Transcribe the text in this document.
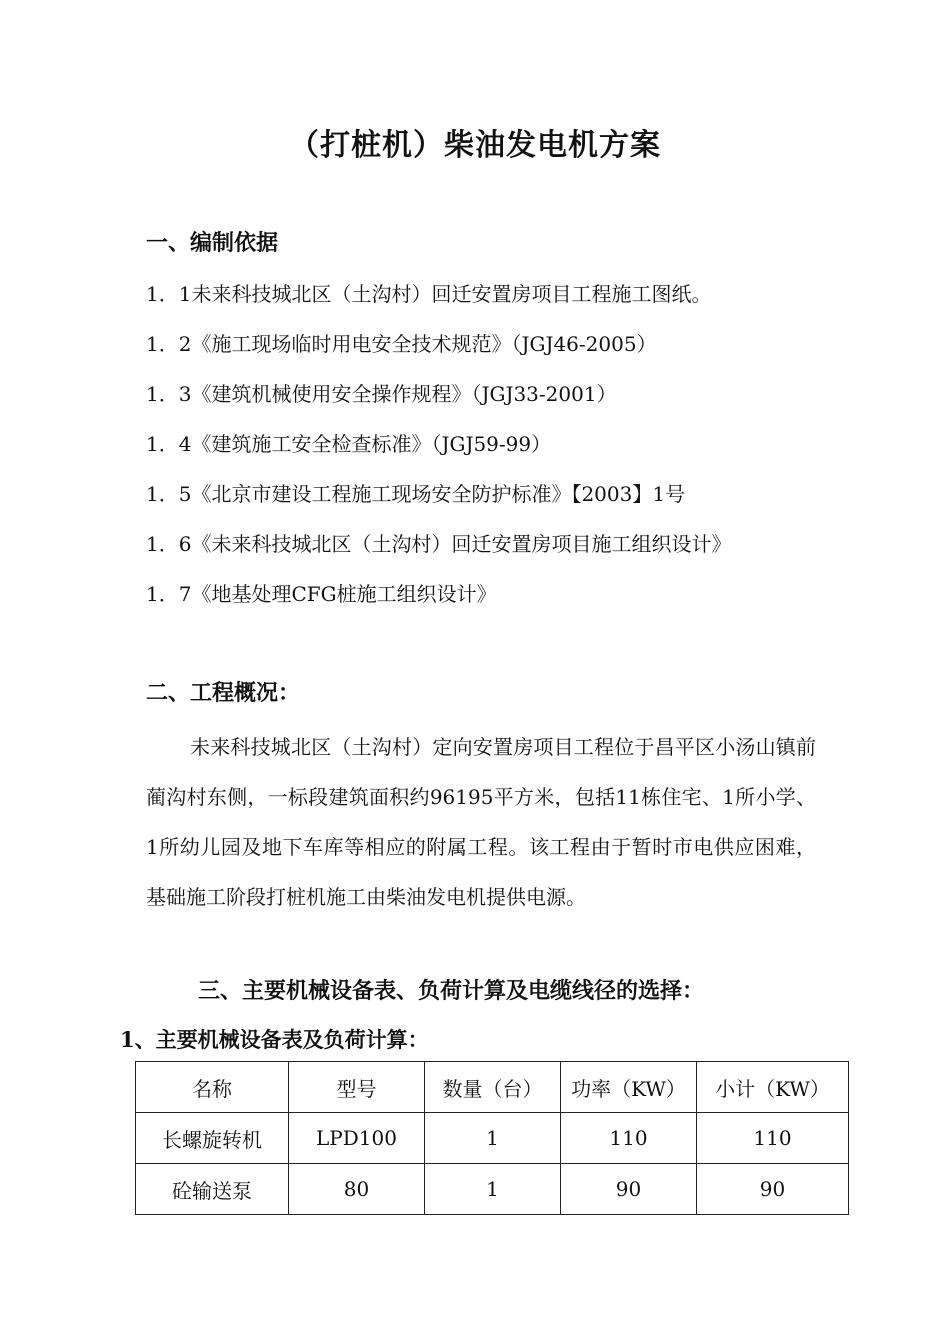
（打桩机）柴油发电机方案
一、编制依据
1．1未来科技城北区（土沟村）回迁安置房项目工程施工图纸。
1．2《施工现场临时用电安全技术规范》（JGJ46-2005）
1．3《建筑机械使用安全操作规程》（JGJ33-2001）
1．4《建筑施工安全检查标准》（JGJ59-99）
1．5《北京市建设工程施工现场安全防护标准》【2003】1号
1．6《未来科技城北区（土沟村）回迁安置房项目施工组织设计》
1．7《地基处理CFG桩施工组织设计》
二、工程概况：

未来科技城北区（土沟村）定向安置房项目工程位于昌平区小汤山镇前蔺沟村东侧，一标段建筑面积约96195平方米，包括11栋住宅、1所小学、1所幼儿园及地下车库等相应的附属工程。该工程由于暂时市电供应困难，基础施工阶段打桩机施工由柴油发电机提供电源。

三、主要机械设备表、负荷计算及电缆线径的选择：
1、主要机械设备表及负荷计算：
名称	型号	数量（台）	功率（KW）	小计（KW）
长螺旋转机	LPD100	1	110	110
砼输送泵	80	1	90	90
